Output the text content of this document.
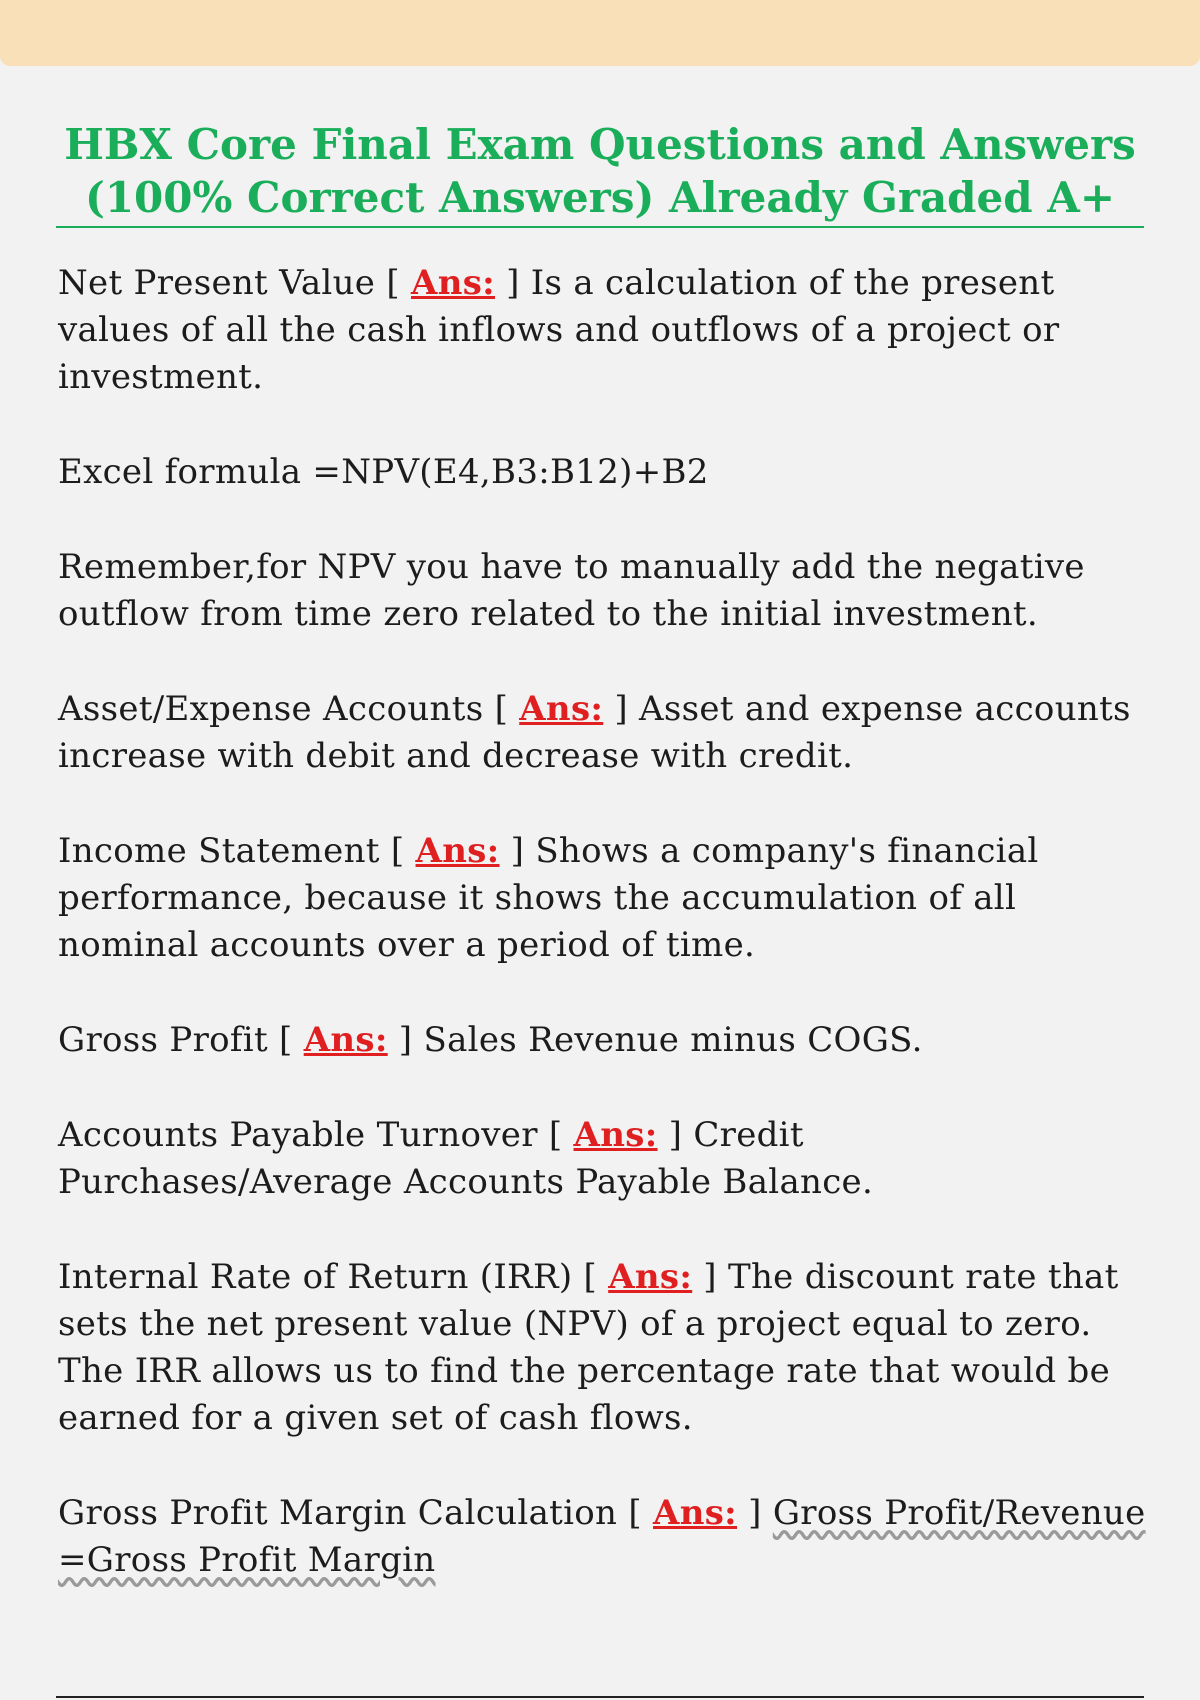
HBX Core Final Exam Questions and Answers (100% Correct Answers) Already Graded A+

Net Present Value [ Ans: ] Is a calculation of the present values of all the cash inflows and outflows of a project or investment.

Excel formula =NPV(E4,B3:B12)+B2

Remember,for NPV you have to manually add the negative outflow from time zero related to the initial investment.

Asset/Expense Accounts [ Ans: ] Asset and expense accounts increase with debit and decrease with credit.

Income Statement [ Ans: ] Shows a company's financial performance, because it shows the accumulation of all nominal accounts over a period of time.

Gross Profit [ Ans: ] Sales Revenue minus COGS.

Accounts Payable Turnover [ Ans: ] Credit Purchases/Average Accounts Payable Balance.

Internal Rate of Return (IRR) [ Ans: ] The discount rate that sets the net present value (NPV) of a project equal to zero. The IRR allows us to find the percentage rate that would be earned for a given set of cash flows.

Gross Profit Margin Calculation [ Ans: ] Gross Profit/Revenue =Gross Profit Margin
